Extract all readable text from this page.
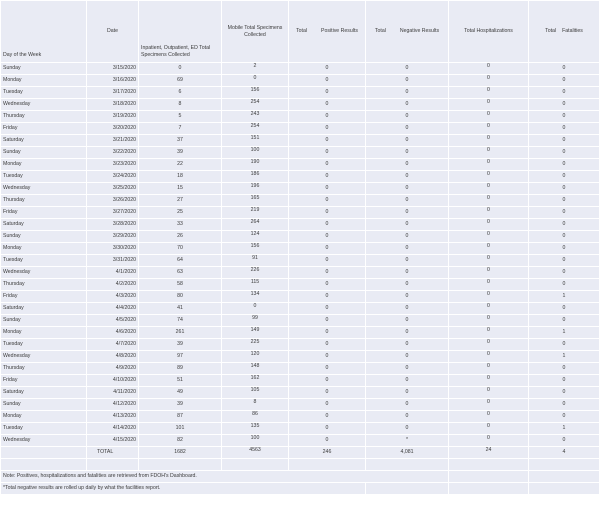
Day of the Week	Date	Inpatient, Outpatient, ED Total Specimens Collected	Mobile Total Specimens Collected	Total Positive Results	Total Negative Results	Total Hospitalizations	Total Fatalities
Sunday	3/15/2020	0	2	0	0	0	0
Monday	3/16/2020	69	0	0	0	0	0
Tuesday	3/17/2020	6	156	0	0	0	0
Wednesday	3/18/2020	8	254	0	0	0	0
Thursday	3/19/2020	5	243	0	0	0	0
Friday	3/20/2020	7	254	0	0	0	0
Saturday	3/21/2020	37	151	0	0	0	0
Sunday	3/22/2020	39	100	0	0	0	0
Monday	3/23/2020	22	190	0	0	0	0
Tuesday	3/24/2020	18	186	0	0	0	0
Wednesday	3/25/2020	15	196	0	0	0	0
Thursday	3/26/2020	27	165	0	0	0	0
Friday	3/27/2020	25	219	0	0	0	0
Saturday	3/28/2020	33	264	0	0	0	0
Sunday	3/29/2020	26	124	0	0	0	0
Monday	3/30/2020	70	156	0	0	0	0
Tuesday	3/31/2020	64	91	0	0	0	0
Wednesday	4/1/2020	63	226	0	0	0	0
Thursday	4/2/2020	58	115	0	0	0	0
Friday	4/3/2020	80	134	0	0	0	1
Saturday	4/4/2020	41	0	0	0	0	0
Sunday	4/5/2020	74	99	0	0	0	0
Monday	4/6/2020	261	149	0	0	0	1
Tuesday	4/7/2020	39	225	0	0	0	0
Wednesday	4/8/2020	97	120	0	0	0	1
Thursday	4/9/2020	89	148	0	0	0	0
Friday	4/10/2020	51	162	0	0	0	0
Saturday	4/11/2020	49	105	0	0	0	0
Sunday	4/12/2020	39	8	0	0	0	0
Monday	4/13/2020	87	86	0	0	0	0
Tuesday	4/14/2020	101	135	0	0	0	1
Wednesday	4/15/2020	82	100	0	*	0	0
	TOTAL	1682	4563	246	4,081	24	4

Note: Positives, hospitalizations and fatalities are retrieved from FDOH's Dashboard.							
*Total negative results are rolled up daily by what the facilities report.							
